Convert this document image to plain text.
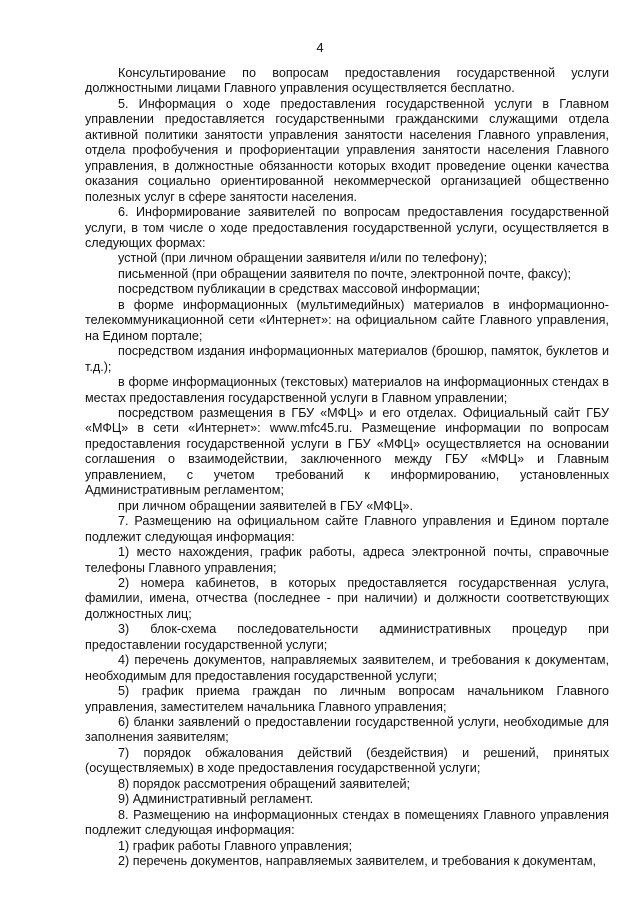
4

Консультирование по вопросам предоставления государственной услуги должностными лицами Главного управления осуществляется бесплатно.

5. Информация о ходе предоставления государственной услуги в Главном управлении предоставляется государственными гражданскими служащими отдела активной политики занятости управления занятости населения Главного управления, отдела профобучения и профориентации управления занятости населения Главного управления, в должностные обязанности которых входит проведение оценки качества оказания социально ориентированной некоммерческой организацией общественно полезных услуг в сфере занятости населения.

6. Информирование заявителей по вопросам предоставления государственной услуги, в том числе о ходе предоставления государственной услуги, осуществляется в следующих формах:

устной (при личном обращении заявителя и/или по телефону);

письменной (при обращении заявителя по почте, электронной почте, факсу);

посредством публикации в средствах массовой информации;

в форме информационных (мультимедийных) материалов в информационно-телекоммуникационной сети «Интернет»: на официальном сайте Главного управления, на Едином портале;

посредством издания информационных материалов (брошюр, памяток, буклетов и т.д.);

в форме информационных (текстовых) материалов на информационных стендах в местах предоставления государственной услуги в Главном управлении;

посредством размещения в ГБУ «МФЦ» и его отделах. Официальный сайт ГБУ «МФЦ» в сети «Интернет»: www.mfc45.ru. Размещение информации по вопросам предоставления государственной услуги в ГБУ «МФЦ» осуществляется на основании соглашения о взаимодействии, заключенного между ГБУ «МФЦ» и Главным управлением, с учетом требований к информированию, установленных Административным регламентом;

при личном обращении заявителей в ГБУ «МФЦ».

7. Размещению на официальном сайте Главного управления и Едином портале подлежит следующая информация:

1) место нахождения, график работы, адреса электронной почты, справочные телефоны Главного управления;

2) номера кабинетов, в которых предоставляется государственная услуга, фамилии, имена, отчества (последнее - при наличии) и должности соответствующих должностных лиц;

3) блок-схема последовательности административных процедур при предоставлении государственной услуги;

4) перечень документов, направляемых заявителем, и требования к документам, необходимым для предоставления государственной услуги;

5) график приема граждан по личным вопросам начальником Главного управления, заместителем начальника Главного управления;

6) бланки заявлений о предоставлении государственной услуги, необходимые для заполнения заявителям;

7) порядок обжалования действий (бездействия) и решений, принятых (осуществляемых) в ходе предоставления государственной услуги;

8) порядок рассмотрения обращений заявителей;

9) Административный регламент.

8. Размещению на информационных стендах в помещениях Главного управления подлежит следующая информация:

1) график работы Главного управления;

2) перечень документов, направляемых заявителем, и требования к документам,
